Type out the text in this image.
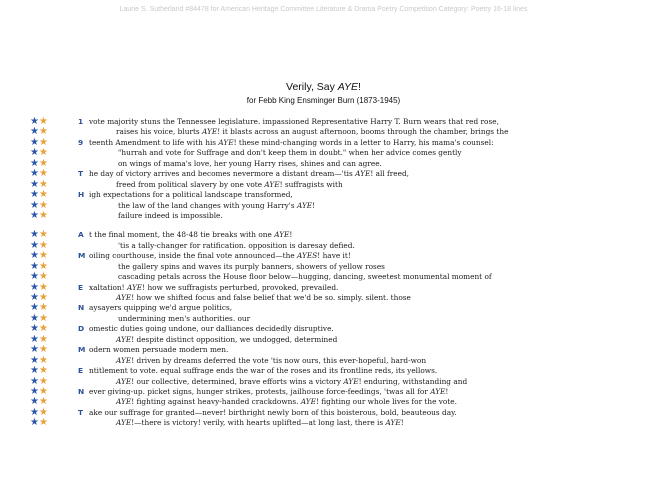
Laurie S. Sutherland #84478 for American Heritage Committee Literature & Drama Poetry Competition Category: Poetry 16-18 lines
Verily, Say AYE!
for Febb King Ensminger Burn (1873-1945)
★★	1 vote majority stuns the Tennessee legislature. impassioned Representative Harry T. Burn wears that red rose,
★★	raises his voice, blurts AYE! it blasts across an august afternoon, booms through the chamber, brings the
★★	9 teenth Amendment to life with his AYE! these mind-changing words in a letter to Harry, his mama's counsel:
★★	"hurrah and vote for Suffrage and don't keep them in doubt." when her advice comes gently
★★	on wings of mama's love, her young Harry rises, shines and can agree.
★★	T he day of victory arrives and becomes nevermore a distant dream—'tis AYE! all freed,
★★	freed from political slavery by one vote AYE! suffragists with
★★	H igh expectations for a political landscape transformed,
★★	the law of the land changes with young Harry's AYE!
★★	failure indeed is impossible.
★★	A t the final moment, the 48-48 tie breaks with one AYE!
★★	'tis a tally-changer for ratification. opposition is daresay defied.
★★	M oiling courthouse, inside the final vote announced—the AYES! have it!
★★	the gallery spins and waves its purply banners, showers of yellow roses
★★	cascading petals across the House floor below—hugging, dancing, sweetest monumental moment of
★★	E xaltation! AYE! how we suffragists perturbed, provoked, prevailed.
★★	AYE! how we shifted focus and false belief that we'd be so. simply. silent. those
★★	N aysayers quipping we'd argue politics,
★★	undermining men's authorities. our
★★	D omestic duties going undone, our dalliances decidedly disruptive.
★★	AYE! despite distinct opposition, we undogged, determined
★★	M odern women persuade modern men.
★★	AYE! driven by dreams deferred the vote 'tis now ours, this ever-hopeful, hard-won
★★	E ntitlement to vote. equal suffrage ends the war of the roses and its frontline reds, its yellows.
★★	AYE! our collective, determined, brave efforts wins a victory AYE! enduring, withstanding and
★★	N ever giving-up. picket signs, hunger strikes, protests, jailhouse force-feedings, 'twas all for AYE!
★★	AYE! fighting against heavy-handed crackdowns. AYE! fighting our whole lives for the vote.
★★	T ake our suffrage for granted—never! birthright newly born of this boisterous, bold, beauteous day.
★★	AYE!—there is victory! verily, with hearts uplifted—at long last, there is AYE!
